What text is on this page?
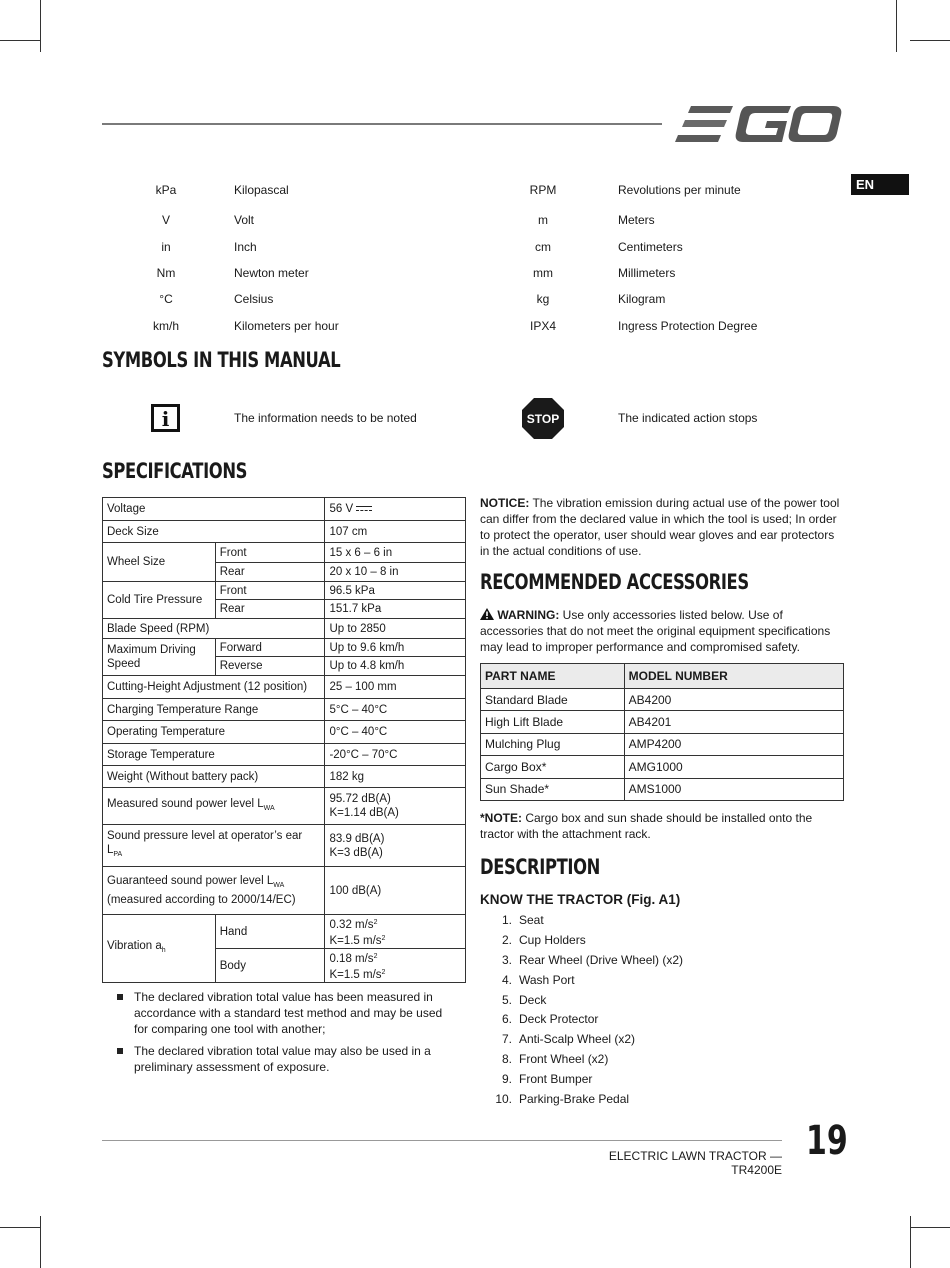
EN
kPa	Kilopascal	RPM	Revolutions per minute
V	Volt	m	Meters
in	Inch	cm	Centimeters
Nm	Newton meter	mm	Millimeters
°C	Celsius	kg	Kilogram
km/h	Kilometers per hour	IPX4	Ingress Protection Degree
SYMBOLS IN THIS MANUAL
i	The information needs to be noted	STOP	The indicated action stops
SPECIFICATIONS
Voltage		56 V
Deck Size		107 cm
Wheel Size	Front	15 x 6 – 6 in
	Rear	20 x 10 – 8 in
Cold Tire Pressure	Front	96.5 kPa
	Rear	151.7 kPa
Blade Speed (RPM)		Up to 2850
Maximum Driving Speed	Forward	Up to 9.6 km/h
	Reverse	Up to 4.8 km/h
Cutting-Height Adjustment (12 position)		25 – 100 mm
Charging Temperature Range		5°C – 40°C
Operating Temperature		0°C – 40°C
Storage Temperature		-20°C – 70°C
Weight (Without battery pack)		182 kg
Measured sound power level $L_{WA}$		95.72 dB(A)
K=1.14 dB(A)
Sound pressure level at operator’s ear $L_{PA}$		83.9 dB(A)
K=3 dB(A)
Guaranteed sound power level $L_{WA}$
(measured according to 2000/14/EC)		100 dB(A)
Vibration $a_h$	Hand	0.32 $m/s^2$
K=1.5 $m/s^2$
	Body	0.18 $m/s^2$
K=1.5 $m/s^2$
The declared vibration total value has been measured in accordance with a standard test method and may be used for comparing one tool with another;
The declared vibration total value may also be used in a preliminary assessment of exposure.
NOTICE: The vibration emission during actual use of the power tool can differ from the declared value in which the tool is used; In order to protect the operator, user should wear gloves and ear protectors in the actual conditions of use.
RECOMMENDED ACCESSORIES
WARNING: Use only accessories listed below. Use of accessories that do not meet the original equipment specifications may lead to improper performance and compromised safety.
PART NAME	MODEL NUMBER
Standard Blade	AB4200
High Lift Blade	AB4201
Mulching Plug	AMP4200
Cargo Box*	AMG1000
Sun Shade*	AMS1000
*NOTE: Cargo box and sun shade should be installed onto the tractor with the attachment rack.
DESCRIPTION
KNOW THE TRACTOR (Fig. A1)
1. Seat
2. Cup Holders
3. Rear Wheel (Drive Wheel) (x2)
4. Wash Port
5. Deck
6. Deck Protector
7. Anti-Scalp Wheel (x2)
8. Front Wheel (x2)
9. Front Bumper
10. Parking-Brake Pedal
ELECTRIC LAWN TRACTOR — TR4200E
19
